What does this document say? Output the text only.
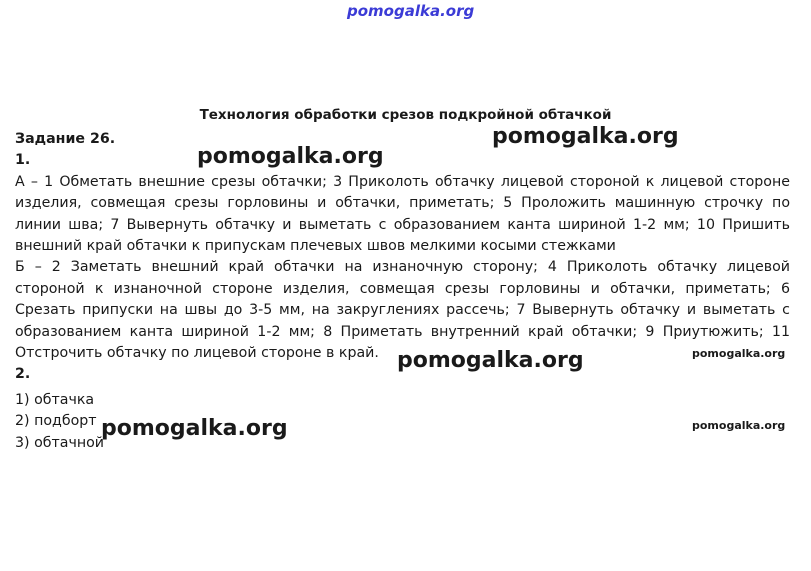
pomogalka.org
Технология обработки срезов подкройной обтачкой
Задание 26.
1.
А – 1 Обметать внешние срезы обтачки; 3 Приколоть обтачку лицевой стороной к лицевой стороне изделия, совмещая срезы горловины и обтачки, приметать; 5 Проложить машинную строчку по линии шва; 7 Вывернуть обтачку и выметать с образованием канта шириной 1-2 мм; 10 Пришить внешний край обтачки к припускам плечевых швов мелкими косыми стежками
Б – 2 Заметать внешний край обтачки на изнаночную сторону; 4 Приколоть обтачку лицевой стороной к изнаночной стороне изделия, совмещая срезы горловины и обтачки, приметать; 6 Срезать припуски на швы до 3-5 мм, на закруглениях рассечь; 7 Вывернуть обтачку и выметать с образованием канта шириной 1-2 мм; 8 Приметать внутренний край обтачки; 9 Приутюжить; 11 Отстрочить обтачку по лицевой стороне в край.
2.
1) обтачка
2) подборт
3) обтачной
pomogalka.org
pomogalka.org
pomogalka.org
pomogalka.org
pomogalka.org
pomogalka.org
